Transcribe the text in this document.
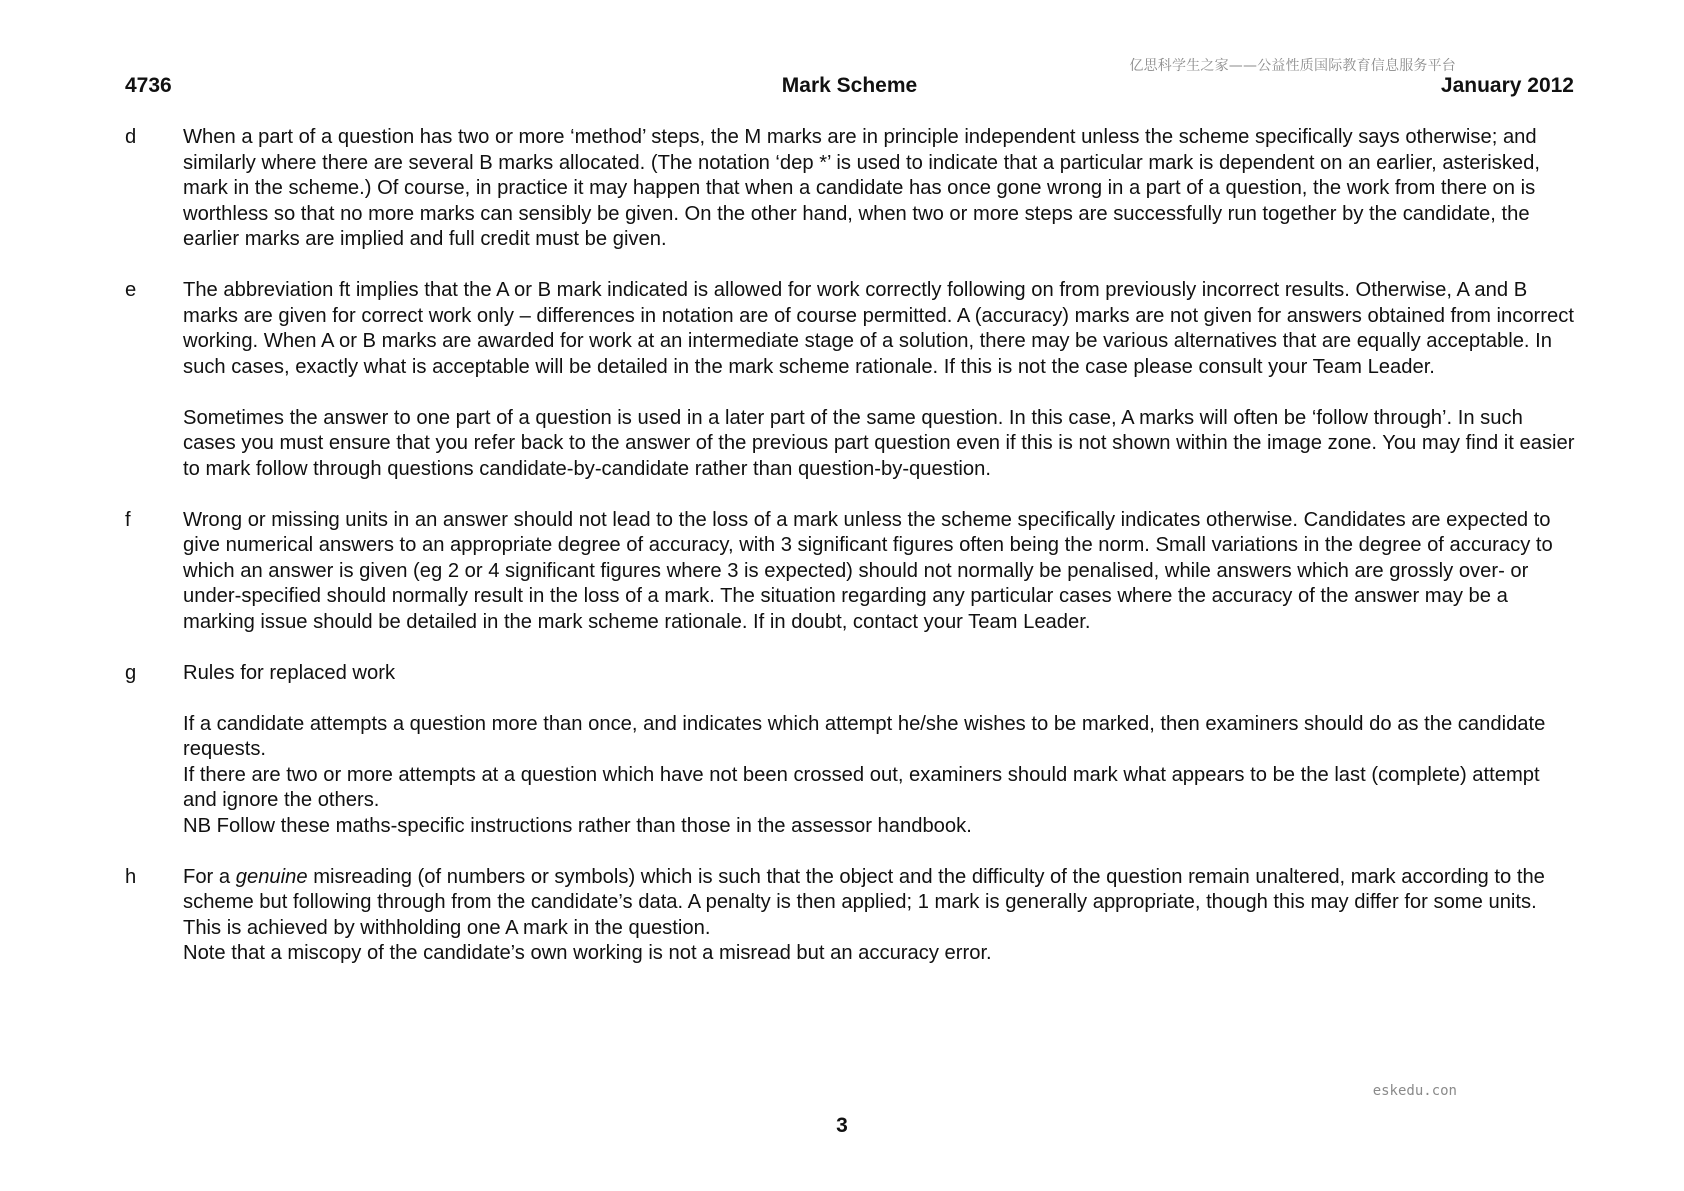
亿思科学生之家——公益性质国际教育信息服务平台
4736	Mark Scheme	January 2012
d	When a part of a question has two or more ‘method’ steps, the M marks are in principle independent unless the scheme specifically says otherwise; and similarly where there are several B marks allocated. (The notation ‘dep *’ is used to indicate that a particular mark is dependent on an earlier, asterisked, mark in the scheme.) Of course, in practice it may happen that when a candidate has once gone wrong in a part of a question, the work from there on is worthless so that no more marks can sensibly be given. On the other hand, when two or more steps are successfully run together by the candidate, the earlier marks are implied and full credit must be given.

e	The abbreviation ft implies that the A or B mark indicated is allowed for work correctly following on from previously incorrect results. Otherwise, A and B marks are given for correct work only – differences in notation are of course permitted. A (accuracy) marks are not given for answers obtained from incorrect working. When A or B marks are awarded for work at an intermediate stage of a solution, there may be various alternatives that are equally acceptable. In such cases, exactly what is acceptable will be detailed in the mark scheme rationale. If this is not the case please consult your Team Leader.

Sometimes the answer to one part of a question is used in a later part of the same question. In this case, A marks will often be ‘follow through’. In such cases you must ensure that you refer back to the answer of the previous part question even if this is not shown within the image zone. You may find it easier to mark follow through questions candidate-by-candidate rather than question-by-question.

f	Wrong or missing units in an answer should not lead to the loss of a mark unless the scheme specifically indicates otherwise. Candidates are expected to give numerical answers to an appropriate degree of accuracy, with 3 significant figures often being the norm. Small variations in the degree of accuracy to which an answer is given (eg 2 or 4 significant figures where 3 is expected) should not normally be penalised, while answers which are grossly over- or under-specified should normally result in the loss of a mark. The situation regarding any particular cases where the accuracy of the answer may be a marking issue should be detailed in the mark scheme rationale. If in doubt, contact your Team Leader.

g	Rules for replaced work

If a candidate attempts a question more than once, and indicates which attempt he/she wishes to be marked, then examiners should do as the candidate requests.

If there are two or more attempts at a question which have not been crossed out, examiners should mark what appears to be the last (complete) attempt and ignore the others.

NB Follow these maths-specific instructions rather than those in the assessor handbook.

h	For a genuine misreading (of numbers or symbols) which is such that the object and the difficulty of the question remain unaltered, mark according to the scheme but following through from the candidate’s data. A penalty is then applied; 1 mark is generally appropriate, though this may differ for some units. This is achieved by withholding one A mark in the question.

Note that a miscopy of the candidate’s own working is not a misread but an accuracy error.

eskedu.con
3
